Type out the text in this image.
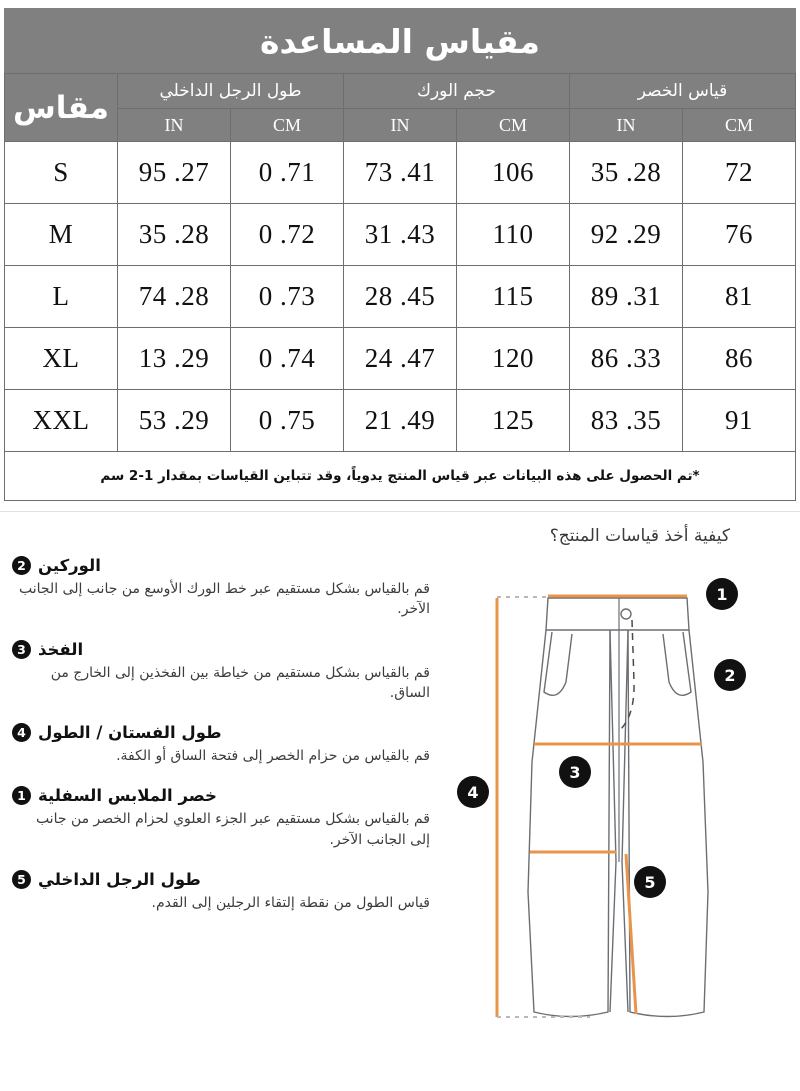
مقياس المساعدة						
قياس الخصر		حجم الورك		طول الرجل الداخلي		مقاس
CM	IN	CM	IN	CM	IN	
72	28. 35	106	41. 73	71. 0	27. 95	S
76	29. 92	110	43. 31	72. 0	28. 35	M
81	31. 89	115	45. 28	73. 0	28. 74	L
86	33. 86	120	47. 24	74. 0	29. 13	XL
91	35. 83	125	49. 21	75. 0	29. 53	XXL
*تم الحصول على هذه البيانات عبر قياس المنتج يدوياً، وقد تتباين القياسات بمقدار 1-2 سم						
كيفية أخذ قياسات المنتج؟
2 الوركين

قم بالقياس بشكل مستقيم عبر خط الورك الأوسع من جانب إلى الجانب الآخر.

3 الفخذ

قم بالقياس بشكل مستقيم من خياطة بين الفخذين إلى الخارج من الساق.

4 طول الفستان / الطول

قم بالقياس من حزام الخصر إلى فتحة الساق أو الكفة.

1 خصر الملابس السفلية

قم بالقياس بشكل مستقيم عبر الجزء العلوي لحزام الخصر من جانب إلى الجانب الآخر.

5 طول الرجل الداخلي

قياس الطول من نقطة إلتقاء الرجلين إلى القدم.

1
2
3
4
5
